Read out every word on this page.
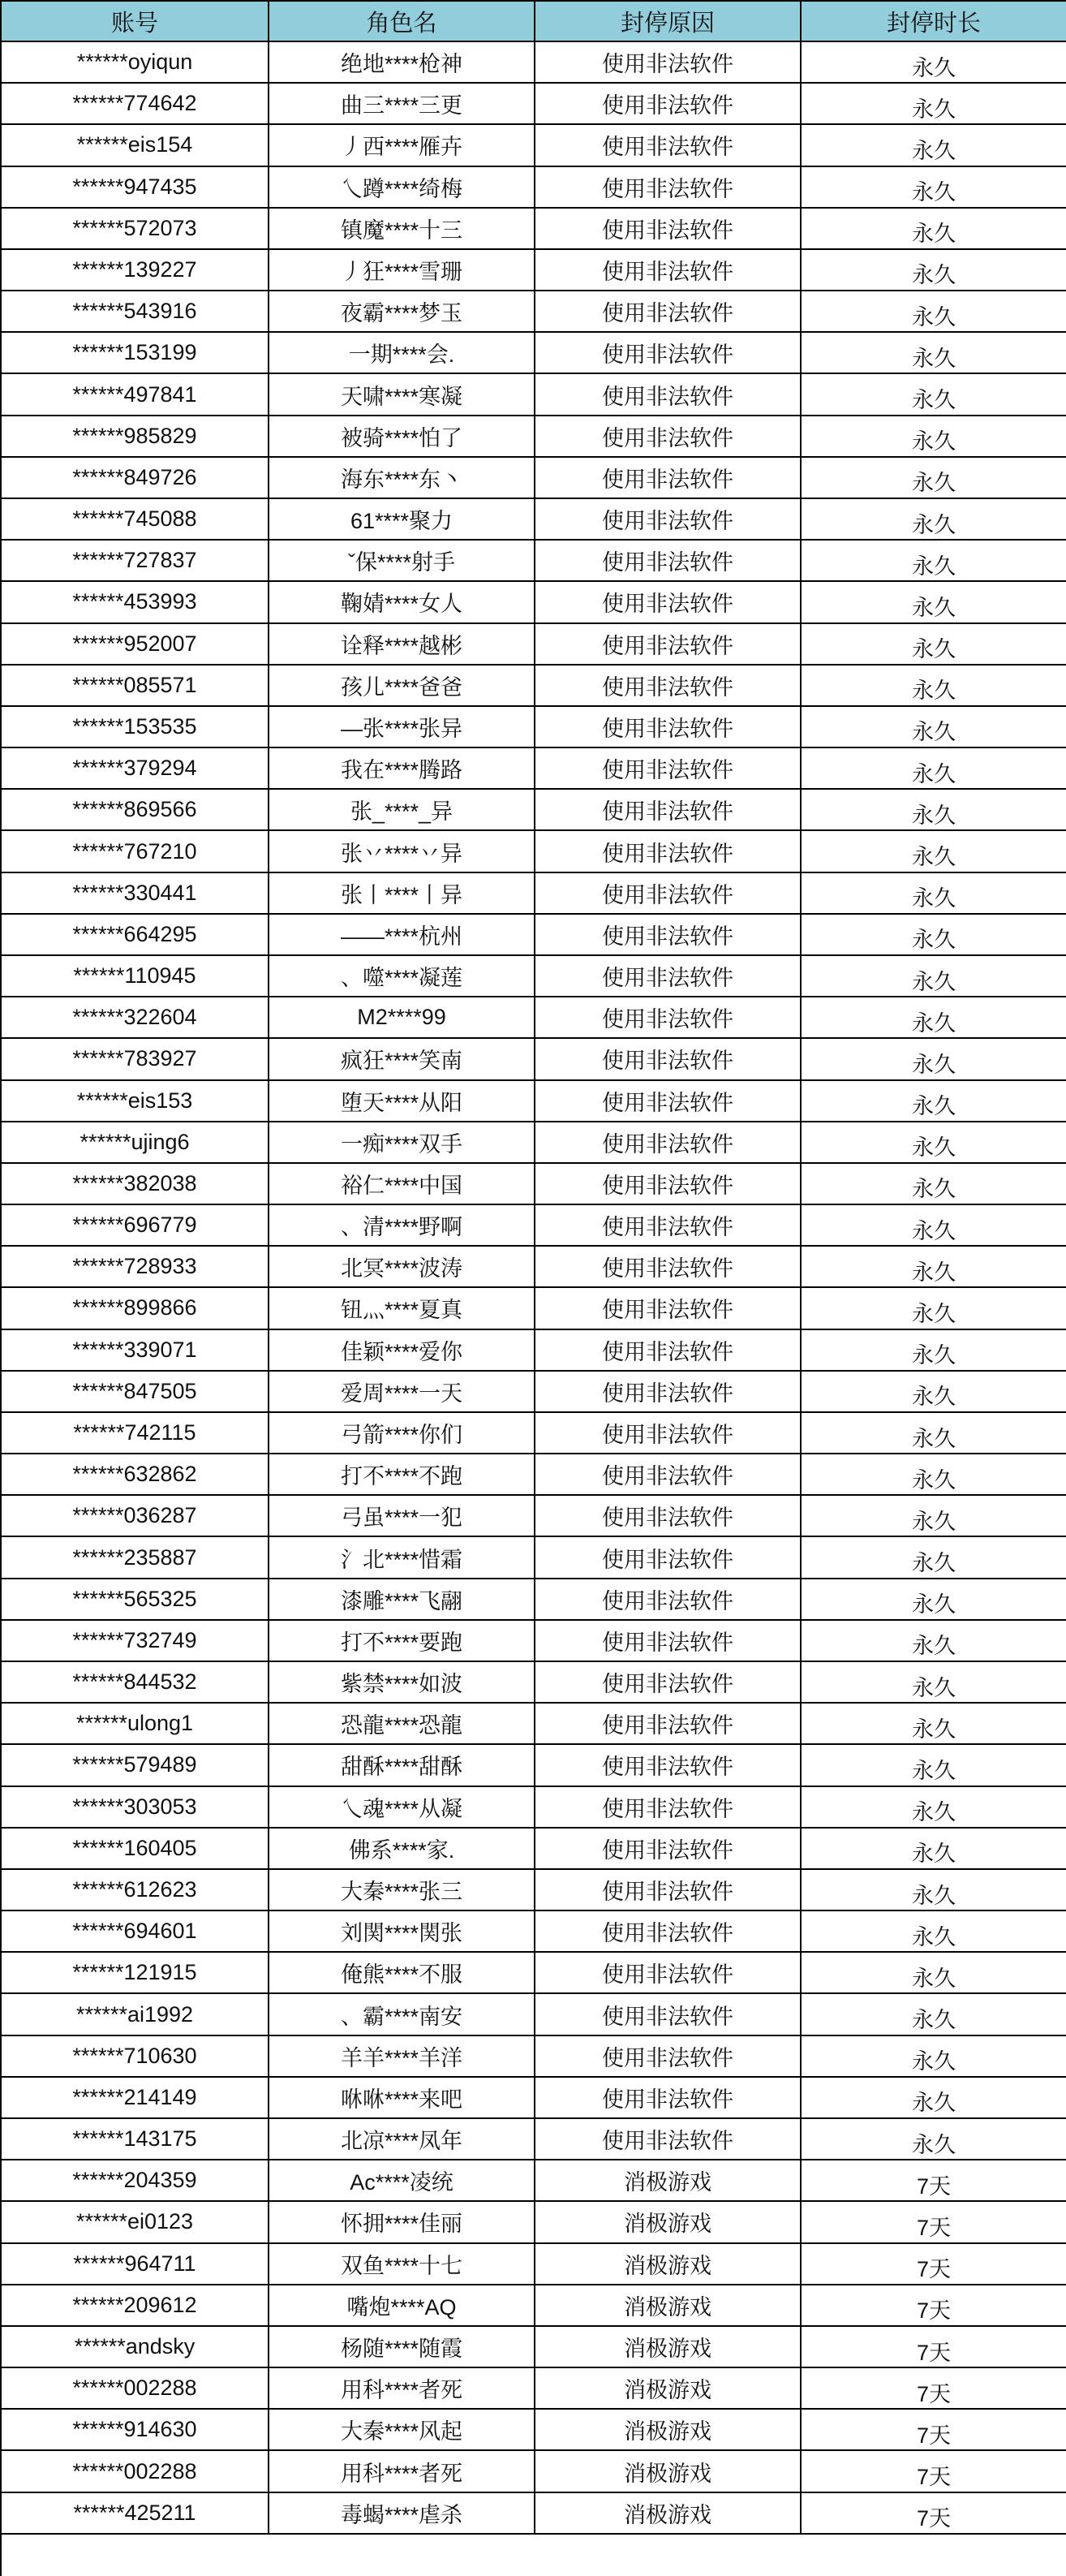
账号	角色名	封停原因	封停时长
******oyiqun	绝地****枪神	使用非法软件	永久
******774642	曲三****三更	使用非法软件	永久
******eis154	丿西****雁卉	使用非法软件	永久
******947435	乀蹲****绮梅	使用非法软件	永久
******572073	镇魔****十三	使用非法软件	永久
******139227	丿狂****雪珊	使用非法软件	永久
******543916	夜霸****梦玉	使用非法软件	永久
******153199	一期****会.	使用非法软件	永久
******497841	天啸****寒凝	使用非法软件	永久
******985829	被骑****怕了	使用非法软件	永久
******849726	海东****东丶	使用非法软件	永久
******745088	61****聚力	使用非法软件	永久
******727837	ˇ保****射手	使用非法软件	永久
******453993	鞠婧****女人	使用非法软件	永久
******952007	诠释****越彬	使用非法软件	永久
******085571	孩儿****爸爸	使用非法软件	永久
******153535	—张****张异	使用非法软件	永久
******379294	我在****腾路	使用非法软件	永久
******869566	张_****_异	使用非法软件	永久
******767210	张丷****丷异	使用非法软件	永久
******330441	张丨****丨异	使用非法软件	永久
******664295	——****杭州	使用非法软件	永久
******110945	、噬****凝莲	使用非法软件	永久
******322604	M2****99	使用非法软件	永久
******783927	疯狂****笑南	使用非法软件	永久
******eis153	堕天****从阳	使用非法软件	永久
******ujing6	一痴****双手	使用非法软件	永久
******382038	裕仁****中国	使用非法软件	永久
******696779	、清****野啊	使用非法软件	永久
******728933	北冥****波涛	使用非法软件	永久
******899866	钮灬****夏真	使用非法软件	永久
******339071	佳颖****爱你	使用非法软件	永久
******847505	爱周****一天	使用非法软件	永久
******742115	弓箭****你们	使用非法软件	永久
******632862	打不****不跑	使用非法软件	永久
******036287	弓虽****一犯	使用非法软件	永久
******235887	氵北****惜霜	使用非法软件	永久
******565325	漆雕****飞翮	使用非法软件	永久
******732749	打不****要跑	使用非法软件	永久
******844532	紫禁****如波	使用非法软件	永久
******ulong1	恐龍****恐龍	使用非法软件	永久
******579489	甜酥****甜酥	使用非法软件	永久
******303053	乀魂****从凝	使用非法软件	永久
******160405	佛系****家.	使用非法软件	永久
******612623	大秦****张三	使用非法软件	永久
******694601	刘関****関张	使用非法软件	永久
******121915	俺熊****不服	使用非法软件	永久
******ai1992	、霸****南安	使用非法软件	永久
******710630	羊羊****羊洋	使用非法软件	永久
******214149	咻咻****来吧	使用非法软件	永久
******143175	北凉****凤年	使用非法软件	永久
******204359	Ac****凌统	消极游戏	7天
******ei0123	怀拥****佳丽	消极游戏	7天
******964711	双鱼****十七	消极游戏	7天
******209612	嘴炮****AQ	消极游戏	7天
******andsky	杨随****随霞	消极游戏	7天
******002288	用科****者死	消极游戏	7天
******914630	大秦****风起	消极游戏	7天
******002288	用科****者死	消极游戏	7天
******425211	毒蝎****虐杀	消极游戏	7天
